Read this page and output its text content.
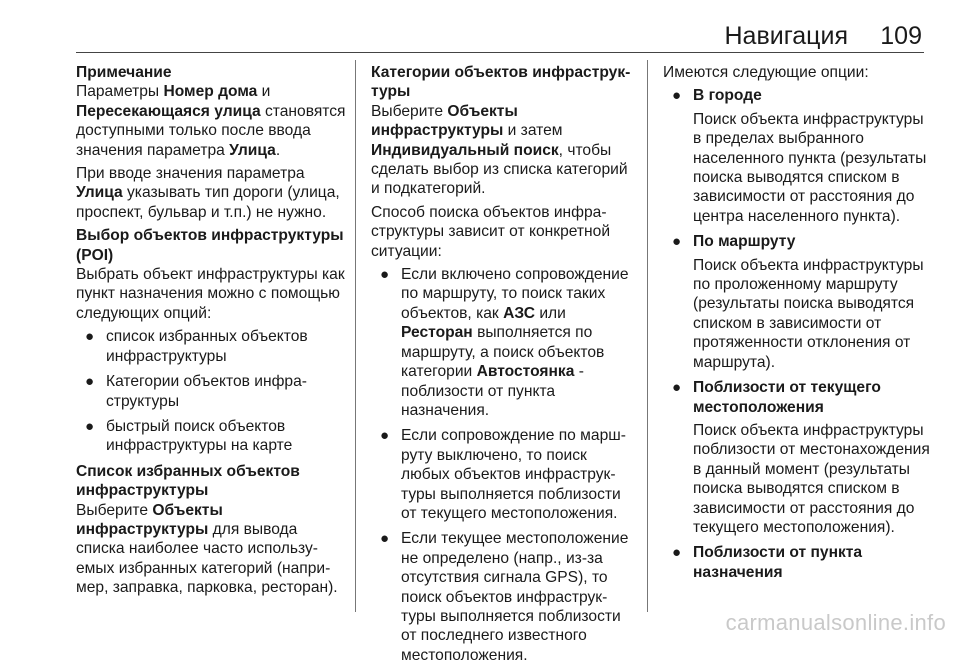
Навигация 109

Примечание

Параметры Номер дома и Пересекающаяся улица становятся доступными только после ввода значения параметра Улица.

При вводе значения параметра Улица указывать тип дороги (улица, проспект, бульвар и т.п.) не нужно.

Выбор объектов инфраструктуры (POI)

Выбрать объект инфраструктуры как пункт назначения можно с помощью следующих опций:

● список избранных объектов инфраструктуры
● Категории объектов инфраструктуры
● быстрый поиск объектов инфраструктуры на карте

Список избранных объектов инфраструктуры

Выберите Объекты инфраструктуры для вывода списка наиболее часто используемых избранных категорий (например, заправка, парковка, ресторан).

Категории объектов инфраструктуры

Выберите Объекты инфраструктуры и затем Индивидуальный поиск, чтобы сделать выбор из списка категорий и подкатегорий.

Способ поиска объектов инфраструктуры зависит от конкретной ситуации:

● Если включено сопровождение по маршруту, то поиск таких объектов, как АЗС или Ресторан выполняется по маршруту, а поиск объектов категории Автостоянка - поблизости от пункта назначения.
● Если сопровождение по маршруту выключено, то поиск любых объектов инфраструктуры выполняется поблизости от текущего местоположения.
● Если текущее местоположение не определено (напр., из-за отсутствия сигнала GPS), то поиск объектов инфраструктуры выполняется поблизости от последнего известного местоположения.

Имеются следующие опции:

● В городе
Поиск объекта инфраструктуры в пределах выбранного населенного пункта (результаты поиска выводятся списком в зависимости от расстояния до центра населенного пункта).
● По маршруту
Поиск объекта инфраструктуры по проложенному маршруту (результаты поиска выводятся списком в зависимости от протяженности отклонения от маршрута).
● Поблизости от текущего местоположения
Поиск объекта инфраструктуры поблизости от местонахождения в данный момент (результаты поиска выводятся списком в зависимости от расстояния до текущего местоположения).
● Поблизости от пункта назначения
carmanualsonline.info
